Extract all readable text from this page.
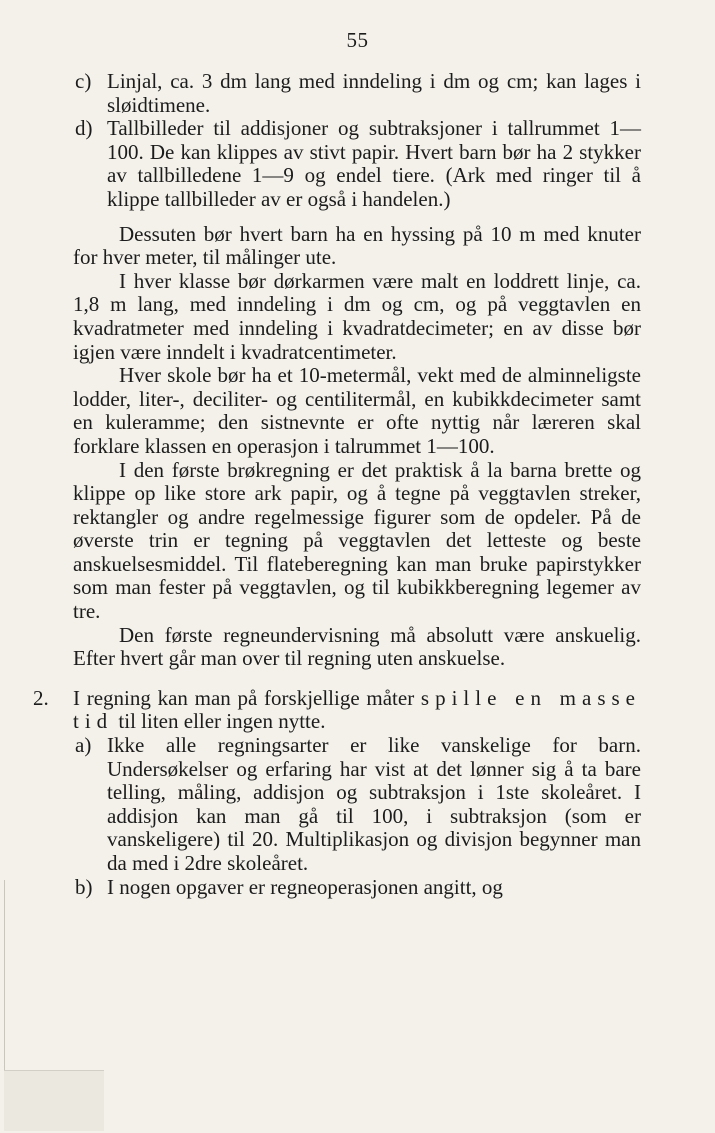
55

c) Linjal, ca. 3 dm lang med inndeling i dm og cm; kan lages i sløidtimene.

d) Tallbilleder til addisjoner og subtraksjoner i tallrummet 1—100. De kan klippes av stivt papir. Hvert barn bør ha 2 stykker av tallbilledene 1—9 og endel tiere. (Ark med ringer til å klippe tallbilleder av er også i handelen.)

Dessuten bør hvert barn ha en hyssing på 10 m med knuter for hver meter, til målinger ute.

I hver klasse bør dørkarmen være malt en loddrett linje, ca. 1,8 m lang, med inndeling i dm og cm, og på veggtavlen en kvadratmeter med inndeling i kvadratdecimeter; en av disse bør igjen være inndelt i kvadratcentimeter.

Hver skole bør ha et 10-metermål, vekt med de alminneligste lodder, liter-, deciliter- og centilitermål, en kubikkdecimeter samt en kuleramme; den sistnevnte er ofte nyttig når læreren skal forklare klassen en operasjon i talrummet 1—100.

I den første brøkregning er det praktisk å la barna brette og klippe op like store ark papir, og å tegne på veggtavlen streker, rektangler og andre regelmessige figurer som de opdeler. På de øverste trin er tegning på veggtavlen det letteste og beste anskuelsesmiddel. Til flateberegning kan man bruke papirstykker som man fester på veggtavlen, og til kubikkberegning legemer av tre.

Den første regneundervisning må absolutt være anskuelig. Efter hvert går man over til regning uten anskuelse.

2. I regning kan man på forskjellige måter spille en masse tid til liten eller ingen nytte.

a) Ikke alle regningsarter er like vanskelige for barn. Undersøkelser og erfaring har vist at det lønner sig å ta bare telling, måling, addisjon og subtraksjon i 1ste skoleåret. I addisjon kan man gå til 100, i subtraksjon (som er vanskeligere) til 20. Multiplikasjon og divisjon begynner man da med i 2dre skoleåret.

b) I nogen opgaver er regneoperasjonen angitt, og
